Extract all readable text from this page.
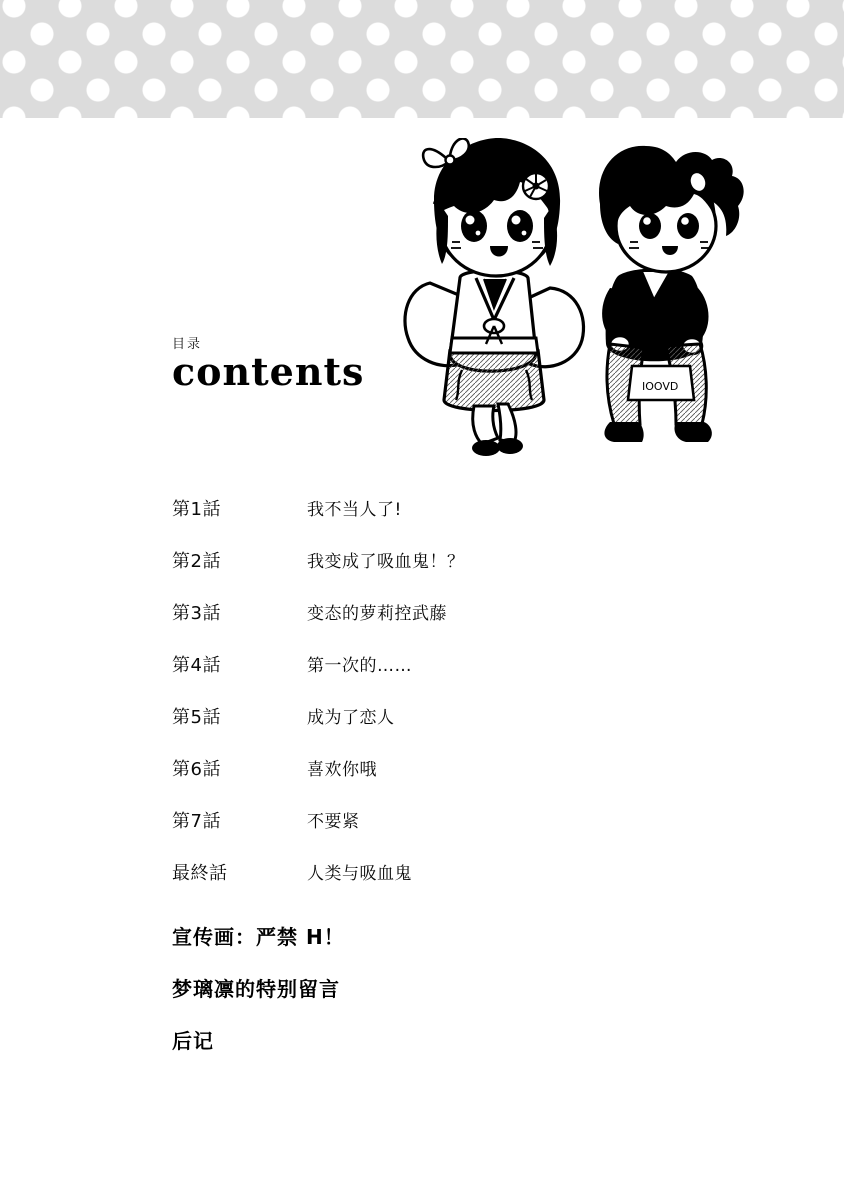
目录
contents	IOOVD
第1話	我不当人了!
第2話	我变成了吸血鬼！？
第3話	变态的萝莉控武藤
第4話	第一次的……
第5話	成为了恋人
第6話	喜欢你哦
第7話	不要紧
最終話	人类与吸血鬼
宣传画：严禁 H！
梦璃凛的特别留言
后记
